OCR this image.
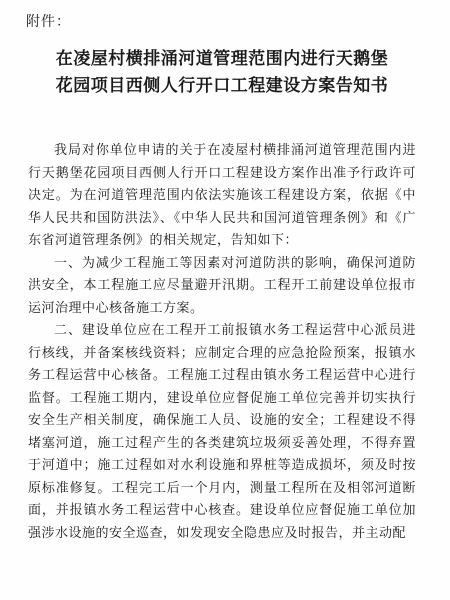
附件：
在凌屋村横排涌河道管理范围内进行天鹅堡
花园项目西侧人行开口工程建设方案告知书

我局对你单位申请的关于在凌屋村横排涌河道管理范围内进行天鹅堡花园项目西侧人行开口工程建设方案作出准予行政许可决定。为在河道管理范围内依法实施该工程建设方案，依据《中华人民共和国防洪法》、《中华人民共和国河道管理条例》和《广东省河道管理条例》的相关规定，告知如下：

一、为减少工程施工等因素对河道防洪的影响，确保河道防洪安全，本工程施工应尽量避开汛期。工程开工前建设单位报市运河治理中心核备施工方案。

二、建设单位应在工程开工前报镇水务工程运营中心派员进行核线，并备案核线资料；应制定合理的应急抢险预案，报镇水务工程运营中心核备。工程施工过程由镇水务工程运营中心进行监督。工程施工期内，建设单位应督促施工单位完善并切实执行安全生产相关制度，确保施工人员、设施的安全；工程建设不得堵塞河道，施工过程产生的各类建筑垃圾须妥善处理，不得弃置于河道中；施工过程如对水利设施和界桩等造成损坏，须及时按原标准修复。工程完工后一个月内，测量工程所在及相邻河道断面，并报镇水务工程运营中心核查。建设单位应督促施工单位加强涉水设施的安全巡查，如发现安全隐患应及时报告，并主动配
